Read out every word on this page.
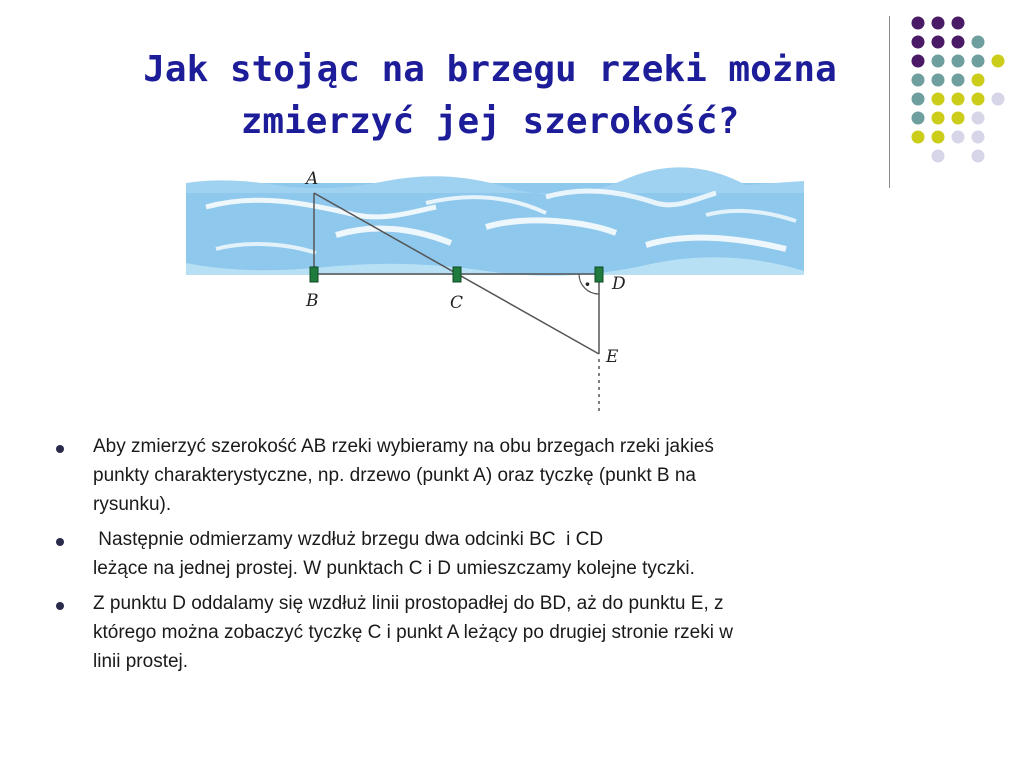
Jak stojąc na brzegu rzeki można
zmierzyć jej szerokość?
·
A
B	C
D
E
Aby zmierzyć szerokość AB rzeki wybieramy na obu brzegach rzeki jakieś
punkty charakterystyczne, np. drzewo (punkt A) oraz tyczkę (punkt B na
rysunku).
Następnie odmierzamy wzdłuż brzegu dwa odcinki BC  i CD
leżące na jednej prostej. W punktach C i D umieszczamy kolejne tyczki.
Z punktu D oddalamy się wzdłuż linii prostopadłej do BD, aż do punktu E, z
którego można zobaczyć tyczkę C i punkt A leżący po drugiej stronie rzeki w
linii prostej.
